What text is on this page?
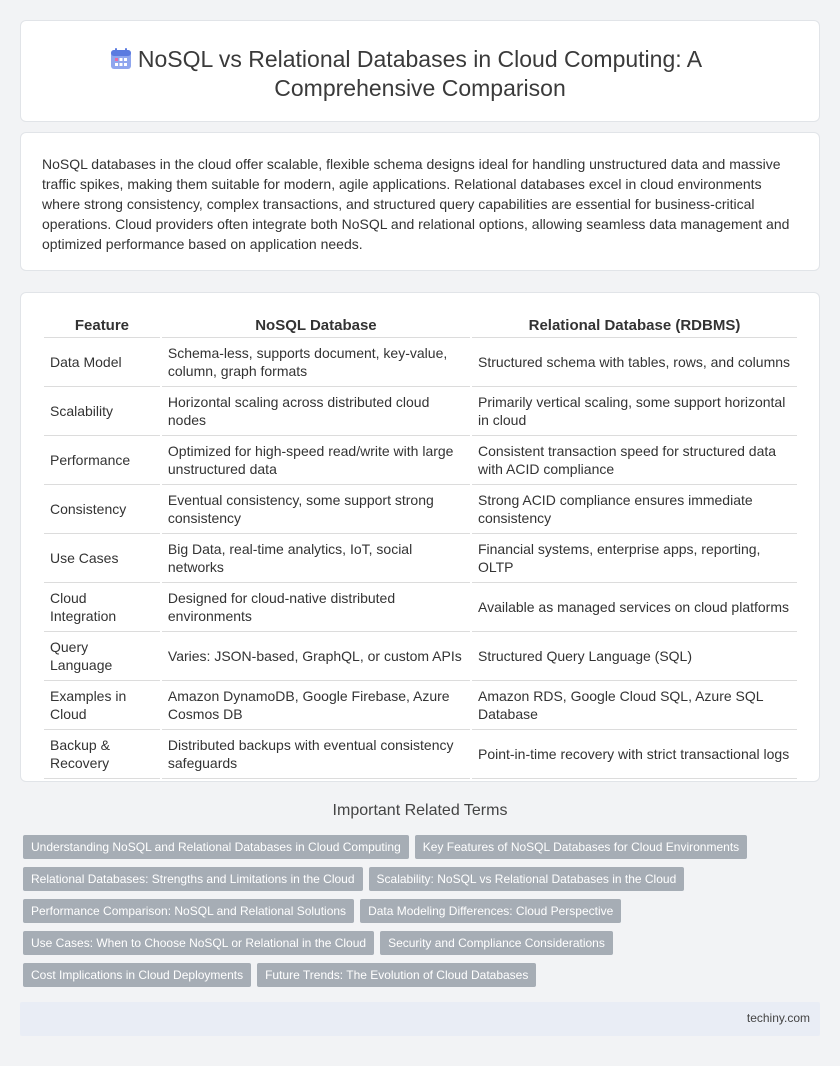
NoSQL vs Relational Databases in Cloud Computing: A Comprehensive Comparison

NoSQL databases in the cloud offer scalable, flexible schema designs ideal for handling unstructured data and massive traffic spikes, making them suitable for modern, agile applications. Relational databases excel in cloud environments where strong consistency, complex transactions, and structured query capabilities are essential for business-critical operations. Cloud providers often integrate both NoSQL and relational options, allowing seamless data management and optimized performance based on application needs.

Feature	NoSQL Database	Relational Database (RDBMS)
Data Model	Schema-less, supports document, key-value, column, graph formats	Structured schema with tables, rows, and columns
Scalability	Horizontal scaling across distributed cloud nodes	Primarily vertical scaling, some support horizontal in cloud
Performance	Optimized for high-speed read/write with large unstructured data	Consistent transaction speed for structured data with ACID compliance
Consistency	Eventual consistency, some support strong consistency	Strong ACID compliance ensures immediate consistency
Use Cases	Big Data, real-time analytics, IoT, social networks	Financial systems, enterprise apps, reporting, OLTP
Cloud Integration	Designed for cloud-native distributed environments	Available as managed services on cloud platforms
Query Language	Varies: JSON-based, GraphQL, or custom APIs	Structured Query Language (SQL)
Examples in Cloud	Amazon DynamoDB, Google Firebase, Azure Cosmos DB	Amazon RDS, Google Cloud SQL, Azure SQL Database
Backup & Recovery	Distributed backups with eventual consistency safeguards	Point-in-time recovery with strict transactional logs
Important Related Terms
Understanding NoSQL and Relational Databases in Cloud Computing	Key Features of NoSQL Databases for Cloud Environments
Relational Databases: Strengths and Limitations in the Cloud	Scalability: NoSQL vs Relational Databases in the Cloud
Performance Comparison: NoSQL and Relational Solutions	Data Modeling Differences: Cloud Perspective
Use Cases: When to Choose NoSQL or Relational in the Cloud	Security and Compliance Considerations
Cost Implications in Cloud Deployments	Future Trends: The Evolution of Cloud Databases
techiny.com
